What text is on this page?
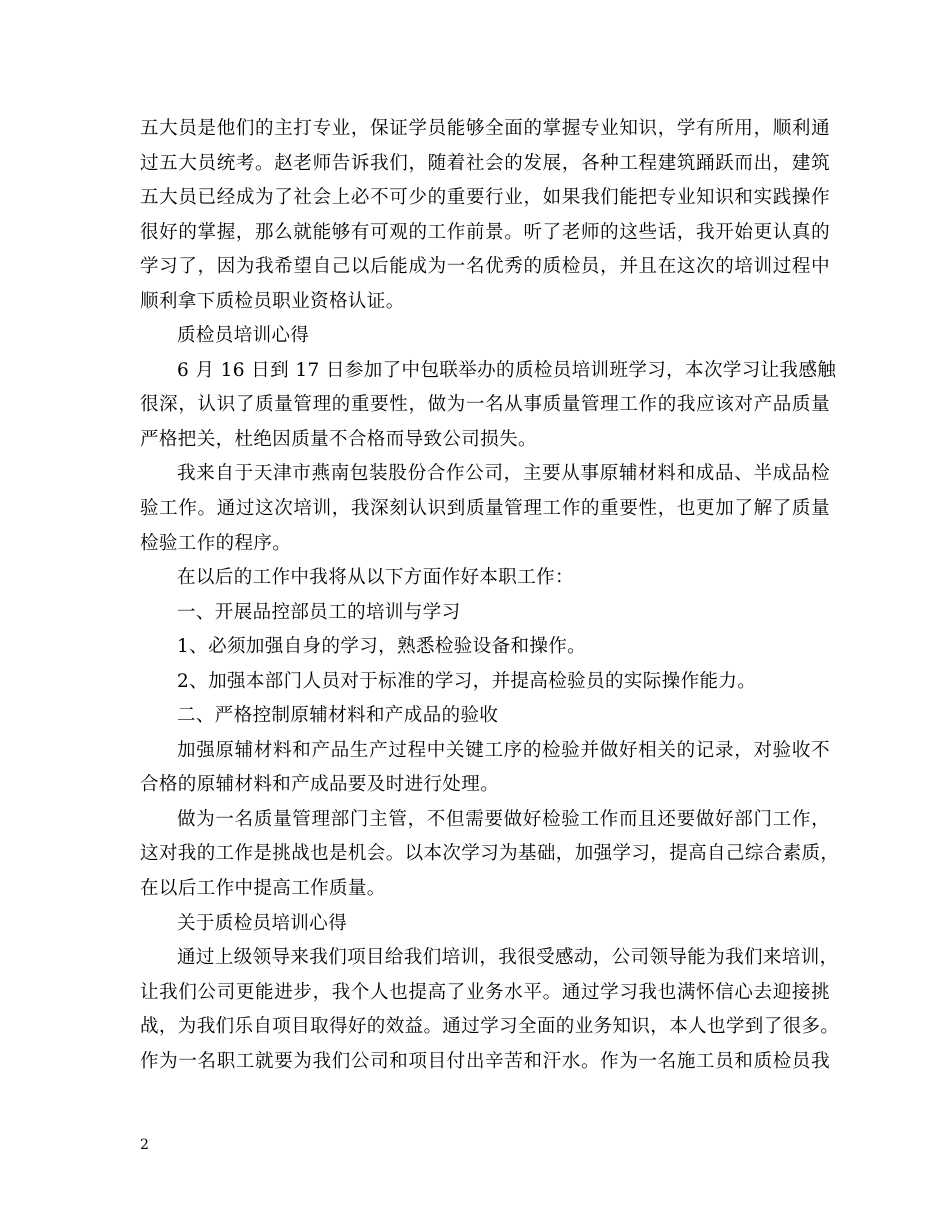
五大员是他们的主打专业，保证学员能够全面的掌握专业知识，学有所用，顺利通
过五大员统考。赵老师告诉我们，随着社会的发展，各种工程建筑踊跃而出，建筑
五大员已经成为了社会上必不可少的重要行业，如果我们能把专业知识和实践操作
很好的掌握，那么就能够有可观的工作前景。听了老师的这些话，我开始更认真的
学习了，因为我希望自己以后能成为一名优秀的质检员，并且在这次的培训过程中
顺利拿下质检员职业资格认证。
质检员培训心得
6 月 16 日到 17 日参加了中包联举办的质检员培训班学习，本次学习让我感触
很深，认识了质量管理的重要性，做为一名从事质量管理工作的我应该对产品质量
严格把关，杜绝因质量不合格而导致公司损失。
我来自于天津市燕南包装股份合作公司，主要从事原辅材料和成品、半成品检
验工作。通过这次培训，我深刻认识到质量管理工作的重要性，也更加了解了质量
检验工作的程序。
在以后的工作中我将从以下方面作好本职工作：
一、开展品控部员工的培训与学习
1、必须加强自身的学习，熟悉检验设备和操作。
2、加强本部门人员对于标准的学习，并提高检验员的实际操作能力。
二、严格控制原辅材料和产成品的验收
加强原辅材料和产品生产过程中关键工序的检验并做好相关的记录，对验收不
合格的原辅材料和产成品要及时进行处理。
做为一名质量管理部门主管，不但需要做好检验工作而且还要做好部门工作，
这对我的工作是挑战也是机会。以本次学习为基础，加强学习，提高自己综合素质，
在以后工作中提高工作质量。
关于质检员培训心得
通过上级领导来我们项目给我们培训，我很受感动，公司领导能为我们来培训，
让我们公司更能进步，我个人也提高了业务水平。通过学习我也满怀信心去迎接挑
战，为我们乐自项目取得好的效益。通过学习全面的业务知识，本人也学到了很多。
作为一名职工就要为我们公司和项目付出辛苦和汗水。作为一名施工员和质检员我
2
